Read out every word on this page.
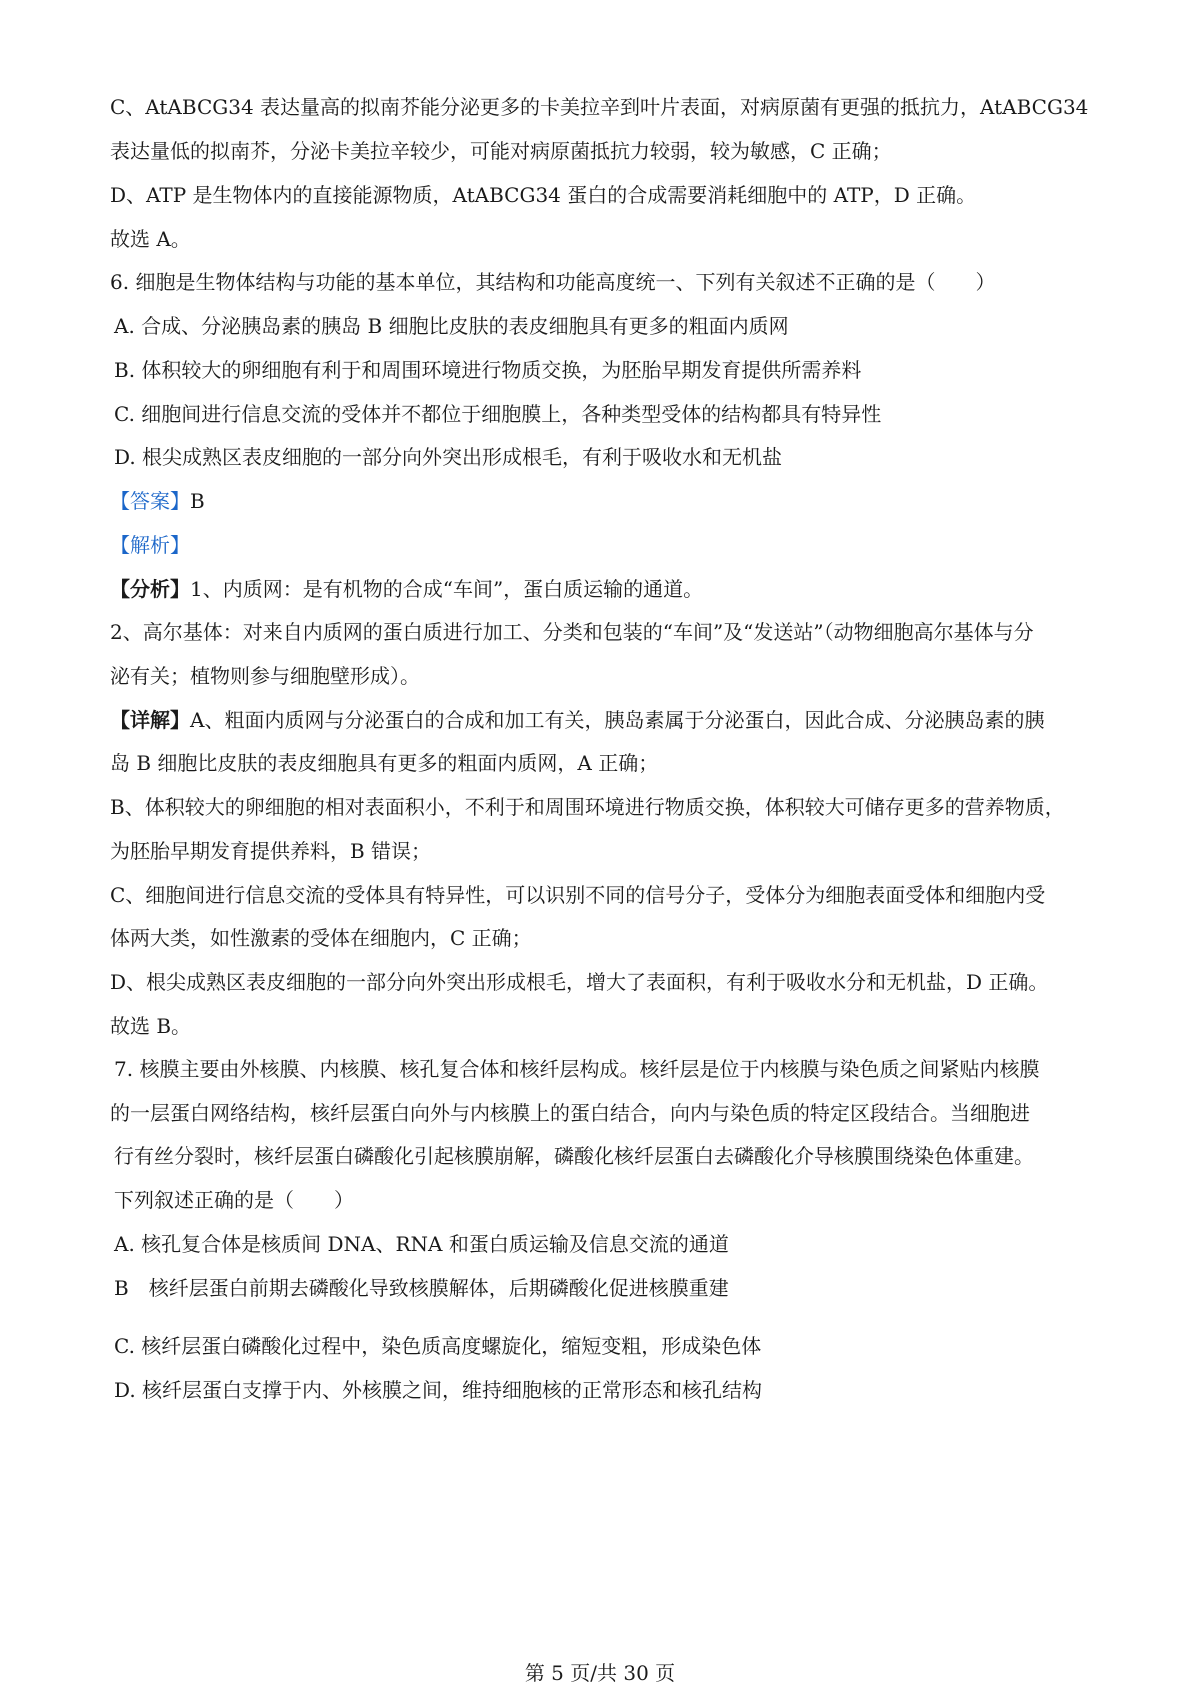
C、AtABCG34 表达量高的拟南芥能分泌更多的卡美拉辛到叶片表面，对病原菌有更强的抵抗力，AtABCG34
表达量低的拟南芥，分泌卡美拉辛较少，可能对病原菌抵抗力较弱，较为敏感，C 正确；
D、ATP 是生物体内的直接能源物质，AtABCG34 蛋白的合成需要消耗细胞中的 ATP，D 正确。
故选 A。
6. 细胞是生物体结构与功能的基本单位，其结构和功能高度统一、下列有关叙述不正确的是（　　）
A. 合成、分泌胰岛素的胰岛 B 细胞比皮肤的表皮细胞具有更多的粗面内质网
B. 体积较大的卵细胞有利于和周围环境进行物质交换，为胚胎早期发育提供所需养料
C. 细胞间进行信息交流的受体并不都位于细胞膜上，各种类型受体的结构都具有特异性
D. 根尖成熟区表皮细胞的一部分向外突出形成根毛，有利于吸收水和无机盐
【答案】B
【解析】
【分析】1、内质网：是有机物的合成“车间”，蛋白质运输的通道。
2、高尔基体：对来自内质网的蛋白质进行加工、分类和包装的“车间”及“发送站”（动物细胞高尔基体与分
泌有关；植物则参与细胞壁形成）。
【详解】A、粗面内质网与分泌蛋白的合成和加工有关，胰岛素属于分泌蛋白，因此合成、分泌胰岛素的胰
岛 B 细胞比皮肤的表皮细胞具有更多的粗面内质网，A 正确；
B、体积较大的卵细胞的相对表面积小，不利于和周围环境进行物质交换，体积较大可储存更多的营养物质，
为胚胎早期发育提供养料，B 错误；
C、细胞间进行信息交流的受体具有特异性，可以识别不同的信号分子，受体分为细胞表面受体和细胞内受
体两大类，如性激素的受体在细胞内，C 正确；
D、根尖成熟区表皮细胞的一部分向外突出形成根毛，增大了表面积，有利于吸收水分和无机盐，D 正确。
故选 B。
7. 核膜主要由外核膜、内核膜、核孔复合体和核纤层构成。核纤层是位于内核膜与染色质之间紧贴内核膜
的一层蛋白网络结构，核纤层蛋白向外与内核膜上的蛋白结合，向内与染色质的特定区段结合。当细胞进
行有丝分裂时，核纤层蛋白磷酸化引起核膜崩解，磷酸化核纤层蛋白去磷酸化介导核膜围绕染色体重建。
下列叙述正确的是（　　）
A. 核孔复合体是核质间 DNA、RNA 和蛋白质运输及信息交流的通道
B　核纤层蛋白前期去磷酸化导致核膜解体，后期磷酸化促进核膜重建
C. 核纤层蛋白磷酸化过程中，染色质高度螺旋化，缩短变粗，形成染色体
D. 核纤层蛋白支撑于内、外核膜之间，维持细胞核的正常形态和核孔结构
第 5 页/共 30 页
